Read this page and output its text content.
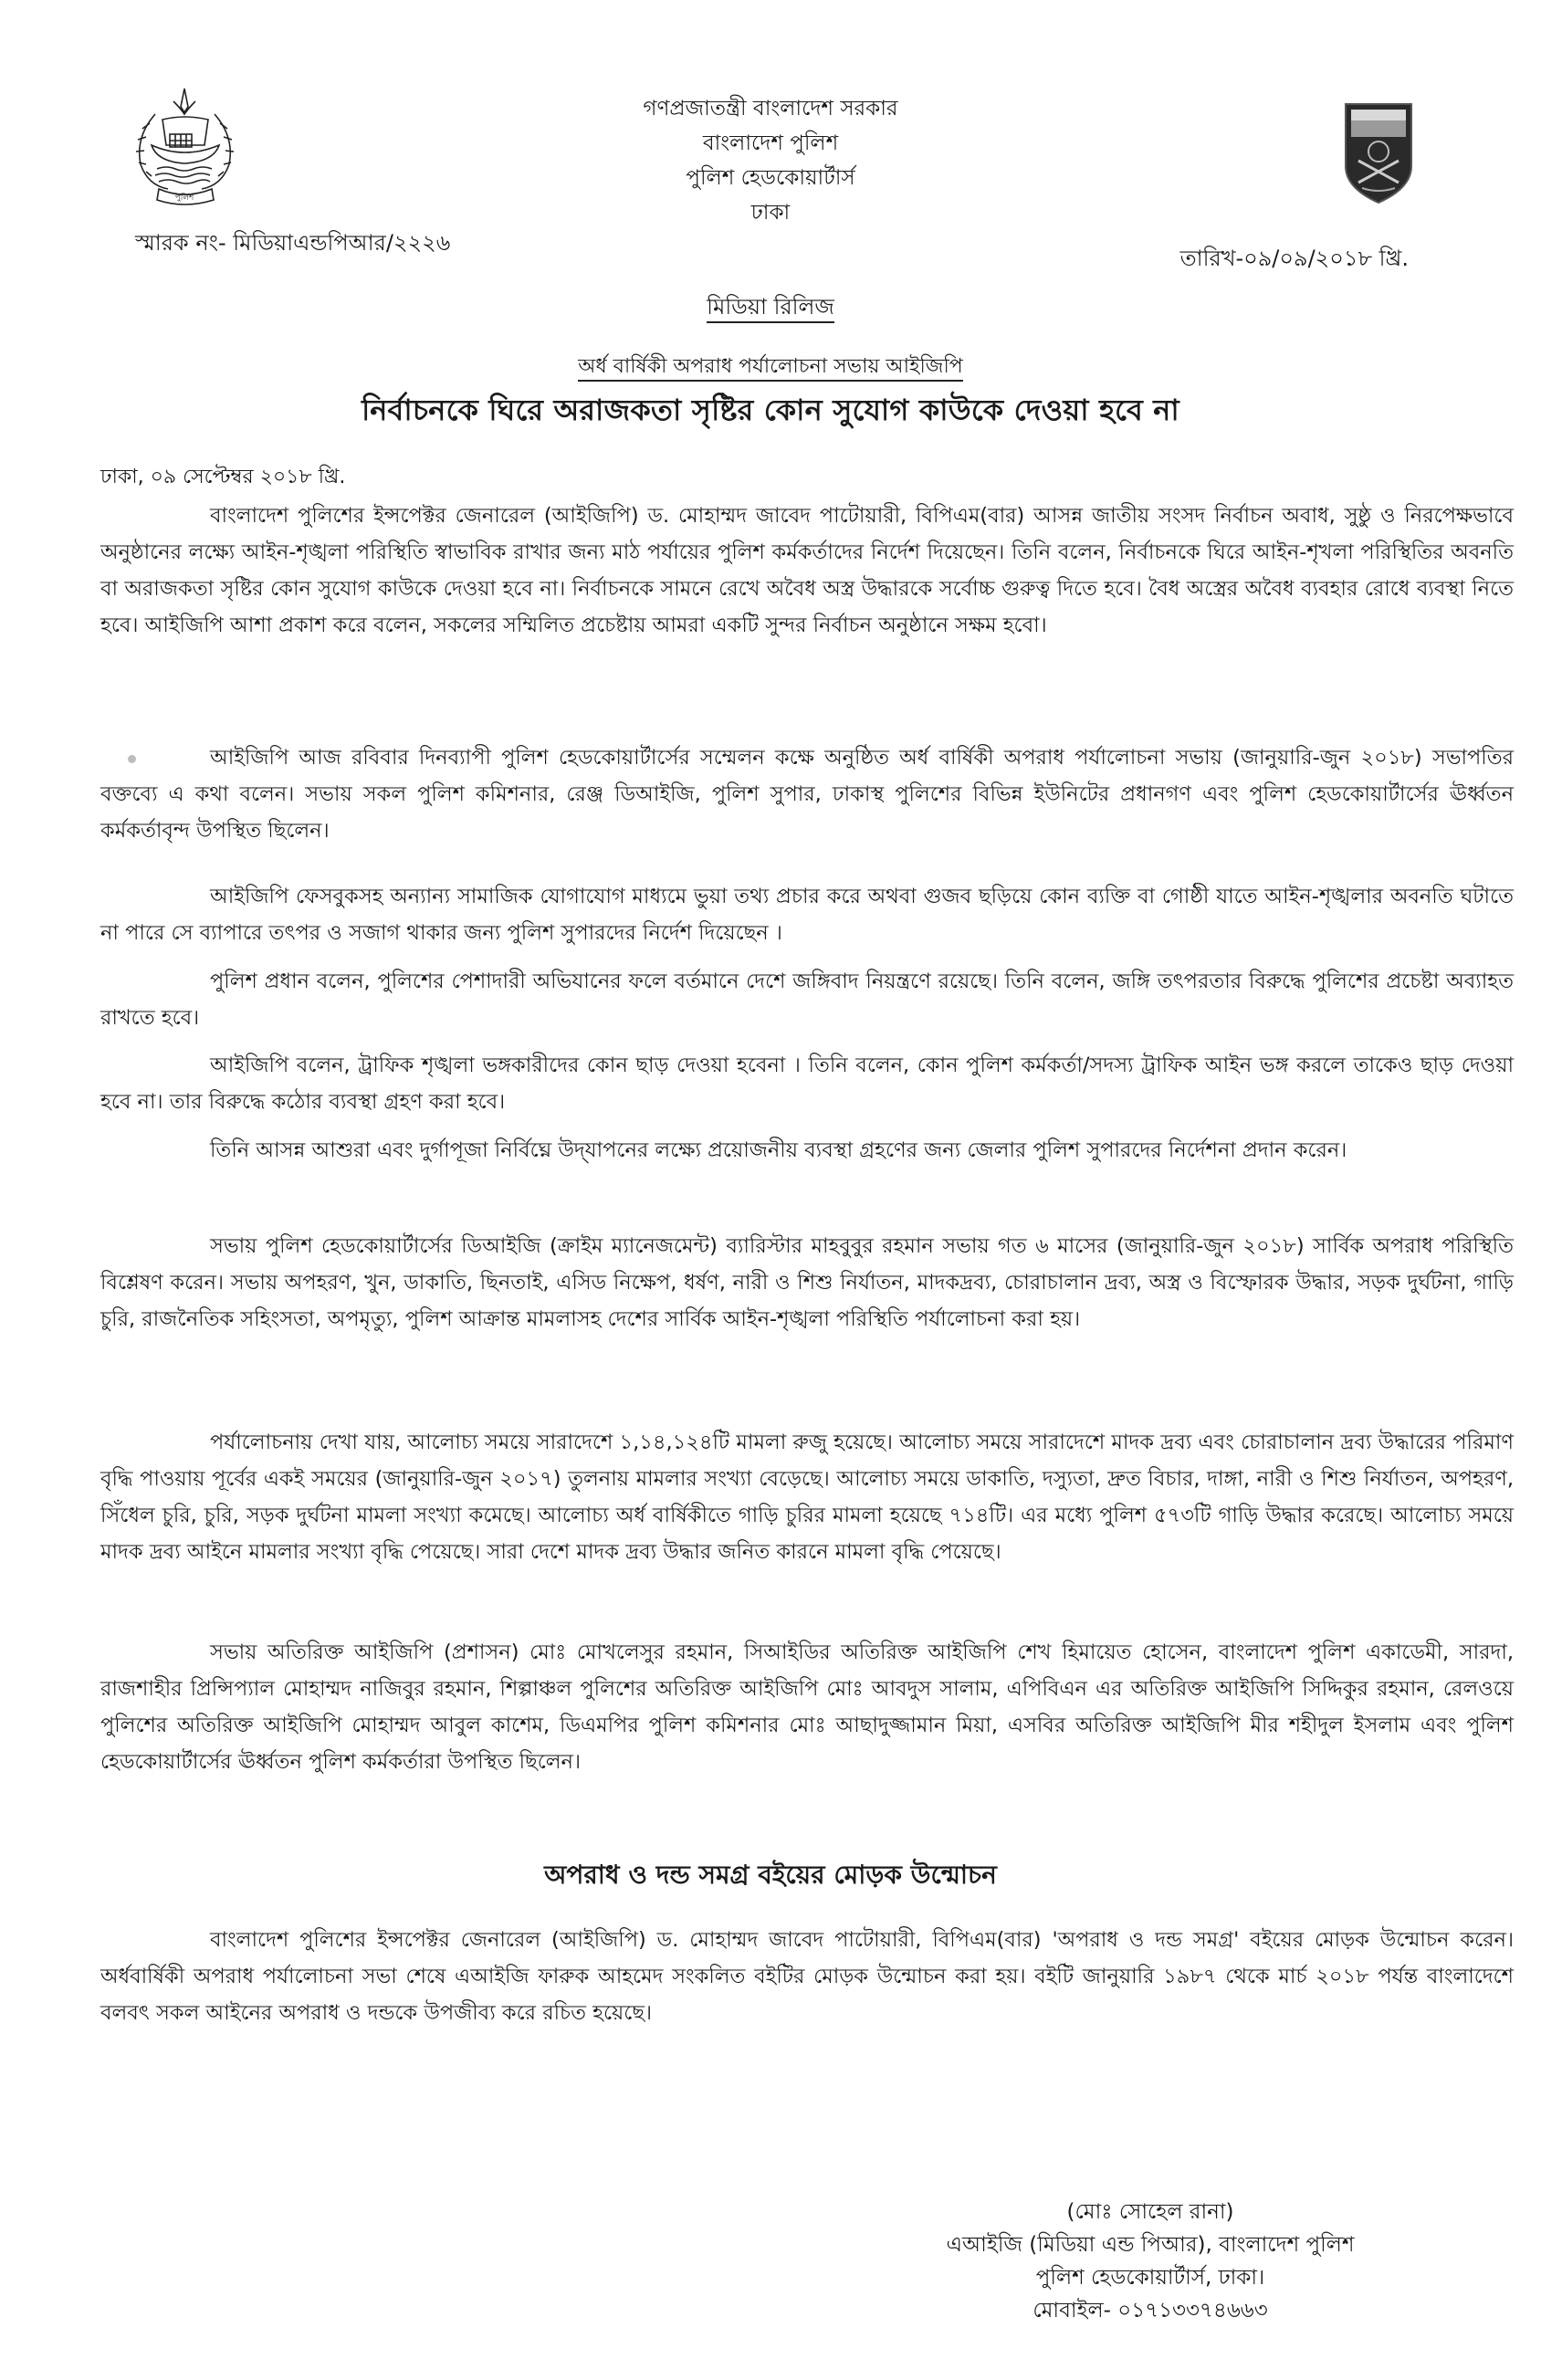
পুলিশ
গণপ্রজাতন্ত্রী বাংলাদেশ সরকার
বাংলাদেশ পুলিশ
পুলিশ হেডকোয়ার্টার্স
ঢাকা
স্মারক নং- মিডিয়াএন্ডপিআর/২২২৬
তারিখ-০৯/০৯/২০১৮ খ্রি.
মিডিয়া রিলিজ
অর্ধ বার্ষিকী অপরাধ পর্যালোচনা সভায় আইজিপি
নির্বাচনকে ঘিরে অরাজকতা সৃষ্টির কোন সুযোগ কাউকে দেওয়া হবে না
ঢাকা, ০৯ সেপ্টেম্বর ২০১৮ খ্রি.

বাংলাদেশ পুলিশের ইন্সপেক্টর জেনারেল (আইজিপি) ড. মোহাম্মদ জাবেদ পাটোয়ারী, বিপিএম(বার) আসন্ন জাতীয় সংসদ নির্বাচন অবাধ, সুষ্ঠু ও নিরপেক্ষভাবে অনুষ্ঠানের লক্ষ্যে আইন-শৃঙ্খলা পরিস্থিতি স্বাভাবিক রাখার জন্য মাঠ পর্যায়ের পুলিশ কর্মকর্তাদের নির্দেশ দিয়েছেন। তিনি বলেন, নির্বাচনকে ঘিরে আইন-শৃখলা পরিস্থিতির অবনতি বা অরাজকতা সৃষ্টির কোন সুযোগ কাউকে দেওয়া হবে না। নির্বাচনকে সামনে রেখে অবৈধ অস্ত্র উদ্ধারকে সর্বোচ্চ গুরুত্ব দিতে হবে। বৈধ অস্ত্রের অবৈধ ব্যবহার রোধে ব্যবস্থা নিতে হবে। আইজিপি আশা প্রকাশ করে বলেন, সকলের সম্মিলিত প্রচেষ্টায় আমরা একটি সুন্দর নির্বাচন অনুষ্ঠানে সক্ষম হবো।

আইজিপি আজ রবিবার দিনব্যাপী পুলিশ হেডকোয়ার্টার্সের সম্মেলন কক্ষে অনুষ্ঠিত অর্ধ বার্ষিকী অপরাধ পর্যালোচনা সভায় (জানুয়ারি-জুন ২০১৮) সভাপতির বক্তব্যে এ কথা বলেন। সভায় সকল পুলিশ কমিশনার, রেঞ্জ ডিআইজি, পুলিশ সুপার, ঢাকাস্থ পুলিশের বিভিন্ন ইউনিটের প্রধানগণ এবং পুলিশ হেডকোয়ার্টার্সের ঊর্ধ্বতন কর্মকর্তাবৃন্দ উপস্থিত ছিলেন।

আইজিপি ফেসবুকসহ অন্যান্য সামাজিক যোগাযোগ মাধ্যমে ভুয়া তথ্য প্রচার করে অথবা গুজব ছড়িয়ে কোন ব্যক্তি বা গোষ্ঠী যাতে আইন-শৃঙ্খলার অবনতি ঘটাতে না পারে সে ব্যাপারে তৎপর ও সজাগ থাকার জন্য পুলিশ সুপারদের নির্দেশ দিয়েছেন ।

পুলিশ প্রধান বলেন, পুলিশের পেশাদারী অভিযানের ফলে বর্তমানে দেশে জঙ্গিবাদ নিয়ন্ত্রণে রয়েছে। তিনি বলেন, জঙ্গি তৎপরতার বিরুদ্ধে পুলিশের প্রচেষ্টা অব্যাহত রাখতে হবে।

আইজিপি বলেন, ট্রাফিক শৃঙ্খলা ভঙ্গকারীদের কোন ছাড় দেওয়া হবেনা । তিনি বলেন, কোন পুলিশ কর্মকর্তা/সদস্য ট্রাফিক আইন ভঙ্গ করলে তাকেও ছাড় দেওয়া হবে না। তার বিরুদ্ধে কঠোর ব্যবস্থা গ্রহণ করা হবে।

তিনি আসন্ন আশুরা এবং দুর্গাপূজা নির্বিঘ্নে উদ্‌যাপনের লক্ষ্যে প্রয়োজনীয় ব্যবস্থা গ্রহণের জন্য জেলার পুলিশ সুপারদের নির্দেশনা প্রদান করেন।

সভায় পুলিশ হেডকোয়ার্টার্সের ডিআইজি (ক্রাইম ম্যানেজমেন্ট) ব্যারিস্টার মাহবুবুর রহমান সভায় গত ৬ মাসের (জানুয়ারি-জুন ২০১৮) সার্বিক অপরাধ পরিস্থিতি বিশ্লেষণ করেন। সভায় অপহরণ, খুন, ডাকাতি, ছিনতাই, এসিড নিক্ষেপ, ধর্ষণ, নারী ও শিশু নির্যাতন, মাদকদ্রব্য, চোরাচালান দ্রব্য, অস্ত্র ও বিস্ফোরক উদ্ধার, সড়ক দুর্ঘটনা, গাড়ি চুরি, রাজনৈতিক সহিংসতা, অপমৃত্যু, পুলিশ আক্রান্ত মামলাসহ দেশের সার্বিক আইন-শৃঙ্খলা পরিস্থিতি পর্যালোচনা করা হয়।

পর্যালোচনায় দেখা যায়, আলোচ্য সময়ে সারাদেশে ১,১৪,১২৪টি মামলা রুজু হয়েছে। আলোচ্য সময়ে সারাদেশে মাদক দ্রব্য এবং চোরাচালান দ্রব্য উদ্ধারের পরিমাণ বৃদ্ধি পাওয়ায় পূর্বের একই সময়ের (জানুয়ারি-জুন ২০১৭) তুলনায় মামলার সংখ্যা বেড়েছে। আলোচ্য সময়ে ডাকাতি, দস্যুতা, দ্রুত বিচার, দাঙ্গা, নারী ও শিশু নির্যাতন, অপহরণ, সিঁধেল চুরি, চুরি, সড়ক দুর্ঘটনা মামলা সংখ্যা কমেছে। আলোচ্য অর্ধ বার্ষিকীতে গাড়ি চুরির মামলা হয়েছে ৭১৪টি। এর মধ্যে পুলিশ ৫৭৩টি গাড়ি উদ্ধার করেছে। আলোচ্য সময়ে মাদক দ্রব্য আইনে মামলার সংখ্যা বৃদ্ধি পেয়েছে। সারা দেশে মাদক দ্রব্য উদ্ধার জনিত কারনে মামলা বৃদ্ধি পেয়েছে।

সভায় অতিরিক্ত আইজিপি (প্রশাসন) মোঃ মোখলেসুর রহমান, সিআইডির অতিরিক্ত আইজিপি শেখ হিমায়েত হোসেন, বাংলাদেশ পুলিশ একাডেমী, সারদা, রাজশাহীর প্রিন্সিপ্যাল মোহাম্মদ নাজিবুর রহমান, শিল্পাঞ্চল পুলিশের অতিরিক্ত আইজিপি মোঃ আবদুস সালাম, এপিবিএন এর অতিরিক্ত আইজিপি সিদ্দিকুর রহমান, রেলওয়ে পুলিশের অতিরিক্ত আইজিপি মোহাম্মদ আবুল কাশেম, ডিএমপির পুলিশ কমিশনার মোঃ আছাদুজ্জামান মিয়া, এসবির অতিরিক্ত আইজিপি মীর শহীদুল ইসলাম এবং পুলিশ হেডকোয়ার্টার্সের ঊর্ধ্বতন পুলিশ কর্মকর্তারা উপস্থিত ছিলেন।

অপরাধ ও দন্ড সমগ্র বইয়ের মোড়ক উন্মোচন

বাংলাদেশ পুলিশের ইন্সপেক্টর জেনারেল (আইজিপি) ড. মোহাম্মদ জাবেদ পাটোয়ারী, বিপিএম(বার) 'অপরাধ ও দন্ড সমগ্র' বইয়ের মোড়ক উন্মোচন করেন। অর্ধবার্ষিকী অপরাধ পর্যালোচনা সভা শেষে এআইজি ফারুক আহমেদ সংকলিত বইটির মোড়ক উন্মোচন করা হয়। বইটি জানুয়ারি ১৯৮৭ থেকে মার্চ ২০১৮ পর্যন্ত বাংলাদেশে বলবৎ সকল আইনের অপরাধ ও দন্ডকে উপজীব্য করে রচিত হয়েছে।

(মোঃ সোহেল রানা)
এআইজি (মিডিয়া এন্ড পিআর), বাংলাদেশ পুলিশ
পুলিশ হেডকোয়ার্টার্স, ঢাকা।
মোবাইল- ০১৭১৩৩৭৪৬৬৩
